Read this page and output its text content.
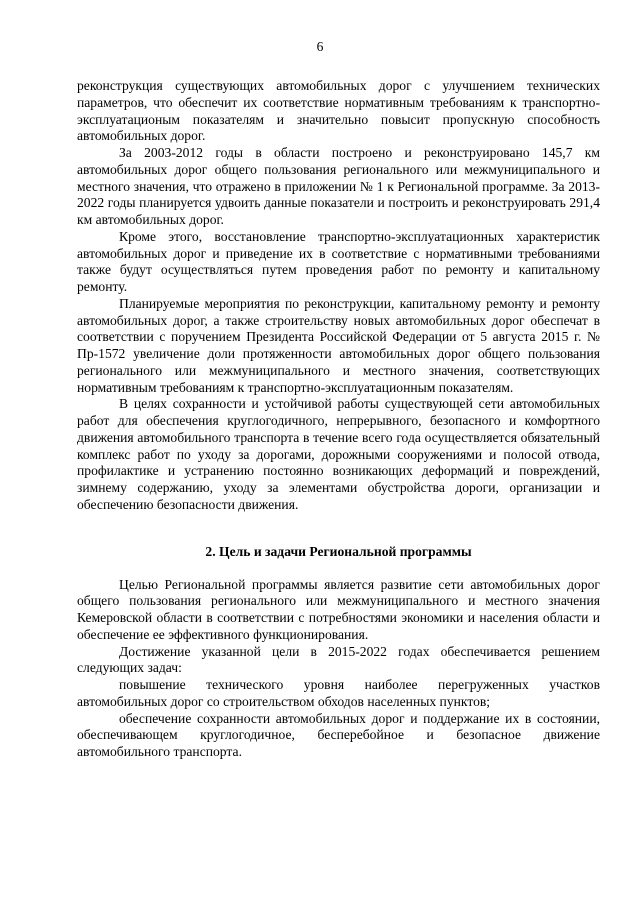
6

реконструкция существующих автомобильных дорог с улучшением технических параметров, что обеспечит их соответствие нормативным требованиям к транспортно-эксплуатационым показателям и значительно повысит пропускную способность автомобильных дорог.

За 2003-2012 годы в области построено и реконструировано 145,7 км автомобильных дорог общего пользования регионального или межмуниципального и местного значения, что отражено в приложении № 1 к Региональной программе. За 2013-2022 годы планируется удвоить данные показатели и построить и реконструировать 291,4 км автомобильных дорог.

Кроме этого, восстановление транспортно-эксплуатационных характеристик автомобильных дорог и приведение их в соответствие с нормативными требованиями также будут осуществляться путем проведения работ по ремонту и капитальному ремонту.

Планируемые мероприятия по реконструкции, капитальному ремонту и ремонту автомобильных дорог, а также строительству новых автомобильных дорог обеспечат в соответствии с поручением Президента Российской Федерации от 5 августа 2015 г. № Пр-1572 увеличение доли протяженности автомобильных дорог общего пользования регионального или межмуниципального и местного значения, соответствующих нормативным требованиям к транспортно-эксплуатационным показателям.

В целях сохранности и устойчивой работы существующей сети автомобильных работ для обеспечения круглогодичного, непрерывного, безопасного и комфортного движения автомобильного транспорта в течение всего года осуществляется обязательный комплекс работ по уходу за дорогами, дорожными сооружениями и полосой отвода, профилактике и устранению постоянно возникающих деформаций и повреждений, зимнему содержанию, уходу за элементами обустройства дороги, организации и обеспечению безопасности движения.

2. Цель и задачи Региональной программы

Целью Региональной программы является развитие сети автомобильных дорог общего пользования регионального или межмуниципального и местного значения Кемеровской области в соответствии с потребностями экономики и населения области и обеспечение ее эффективного функционирования.

Достижение указанной цели в 2015-2022 годах обеспечивается решением следующих задач:

повышение технического уровня наиболее перегруженных участков автомобильных дорог со строительством обходов населенных пунктов;

обеспечение сохранности автомобильных дорог и поддержание их в состоянии, обеспечивающем круглогодичное, бесперебойное и безопасное движение автомобильного транспорта.
